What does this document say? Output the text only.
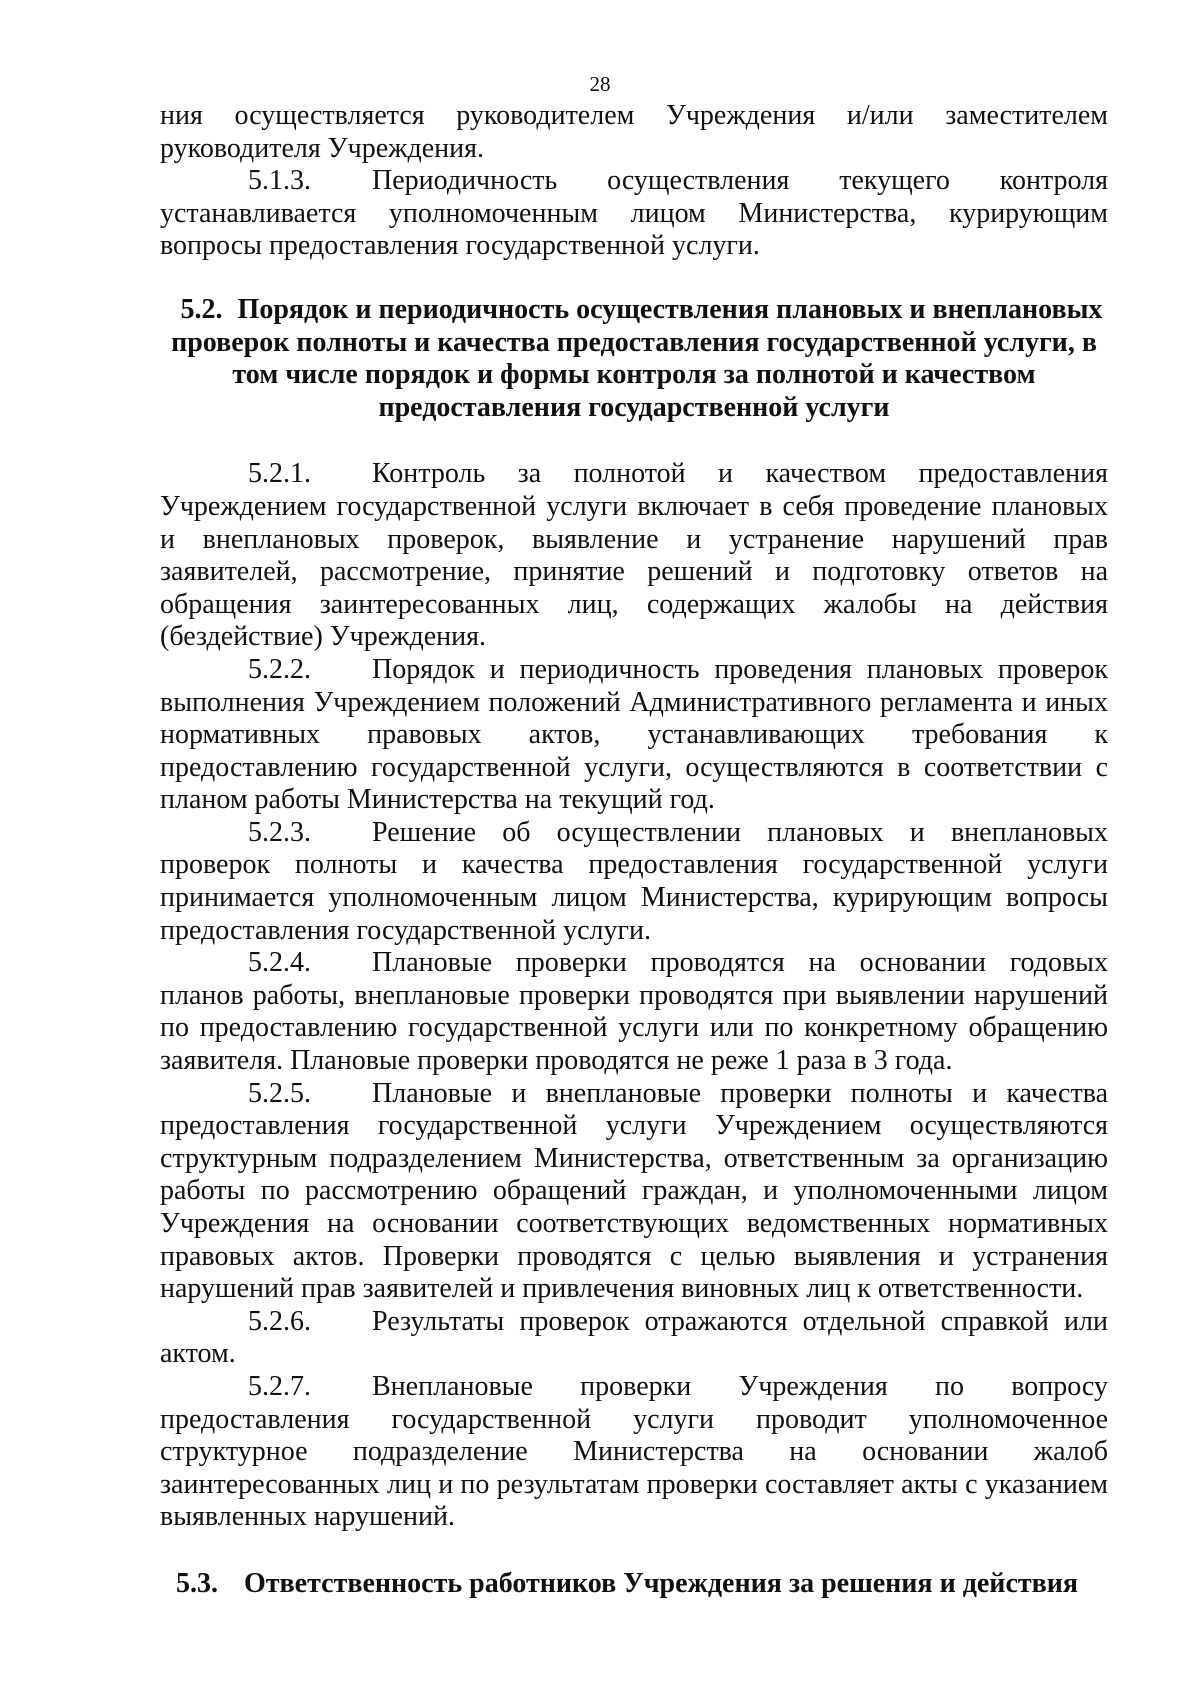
28

ния осуществляется руководителем Учреждения и/или заместителем руководителя Учреждения.

5.1.3. Периодичность осуществления текущего контроля устанавливается уполномоченным лицом Министерства, курирующим вопросы предоставления государственной услуги.

5.2. Порядок и периодичность осуществления плановых и внеплановых проверок полноты и качества предоставления государственной услуги, в том числе порядок и формы контроля за полнотой и качеством предоставления государственной услуги

5.2.1. Контроль за полнотой и качеством предоставления Учреждением государственной услуги включает в себя проведение плановых и внеплановых проверок, выявление и устранение нарушений прав заявителей, рассмотрение, принятие решений и подготовку ответов на обращения заинтересованных лиц, содержащих жалобы на действия (бездействие) Учреждения.

5.2.2. Порядок и периодичность проведения плановых проверок выполнения Учреждением положений Административного регламента и иных нормативных правовых актов, устанавливающих требования к предоставлению государственной услуги, осуществляются в соответствии с планом работы Министерства на текущий год.

5.2.3. Решение об осуществлении плановых и внеплановых проверок полноты и качества предоставления государственной услуги принимается уполномоченным лицом Министерства, курирующим вопросы предоставления государственной услуги.

5.2.4. Плановые проверки проводятся на основании годовых планов работы, внеплановые проверки проводятся при выявлении нарушений по предоставлению государственной услуги или по конкретному обращению заявителя. Плановые проверки проводятся не реже 1 раза в 3 года.

5.2.5. Плановые и внеплановые проверки полноты и качества предоставления государственной услуги Учреждением осуществляются структурным подразделением Министерства, ответственным за организацию работы по рассмотрению обращений граждан, и уполномоченными лицом Учреждения на основании соответствующих ведомственных нормативных правовых актов. Проверки проводятся с целью выявления и устранения нарушений прав заявителей и привлечения виновных лиц к ответственности.

5.2.6. Результаты проверок отражаются отдельной справкой или актом.

5.2.7. Внеплановые проверки Учреждения по вопросу предоставления государственной услуги проводит уполномоченное структурное подразделение Министерства на основании жалоб заинтересованных лиц и по результатам проверки составляет акты с указанием выявленных нарушений.

5.3. Ответственность работников Учреждения за решения и действия
